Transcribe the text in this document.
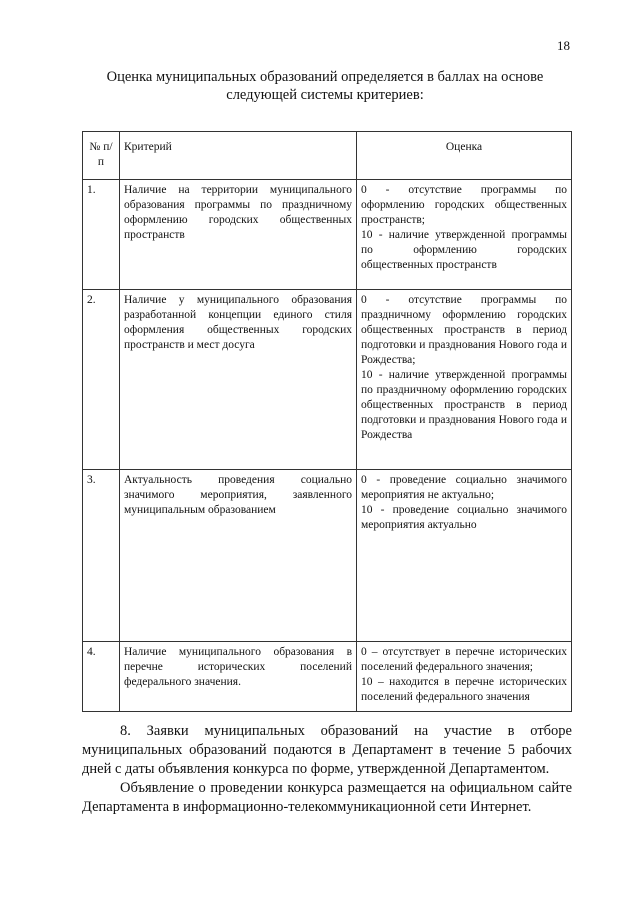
18
Оценка муниципальных образований определяется в баллах на основе
следующей системы критериев:
№ п/п	Критерий	Оценка
1.	Наличие на территории муниципального образования программы по праздничному оформлению городских общественных пространств	0 - отсутствие программы по оформлению городских общественных пространств;
10 - наличие утвержденной программы по оформлению городских общественных пространств

2.	Наличие у муниципального образования разработанной концепции единого стиля оформления общественных городских пространств и мест досуга	0 - отсутствие программы по праздничному оформлению городских общественных пространств в период подготовки и празднования Нового года и Рождества;
10 - наличие утвержденной программы по праздничному оформлению городских общественных пространств в период подготовки и празднования Нового года и Рождества

3.	Актуальность проведения социально значимого мероприятия, заявленного муниципальным образованием	0 - проведение социально значимого мероприятия не актуально;
10 - проведение социально значимого мероприятия актуально

4.	Наличие муниципального образования в перечне исторических поселений федерального значения.	0 – отсутствует в перечне исторических поселений федерального значения;
10 – находится в перечне исторических поселений федерального значения

8. Заявки муниципальных образований на участие в отборе муниципальных образований подаются в Департамент в течение 5 рабочих дней с даты объявления конкурса по форме, утвержденной Департаментом.

Объявление о проведении конкурса размещается на официальном сайте Департамента в информационно-телекоммуникационной сети Интернет.
